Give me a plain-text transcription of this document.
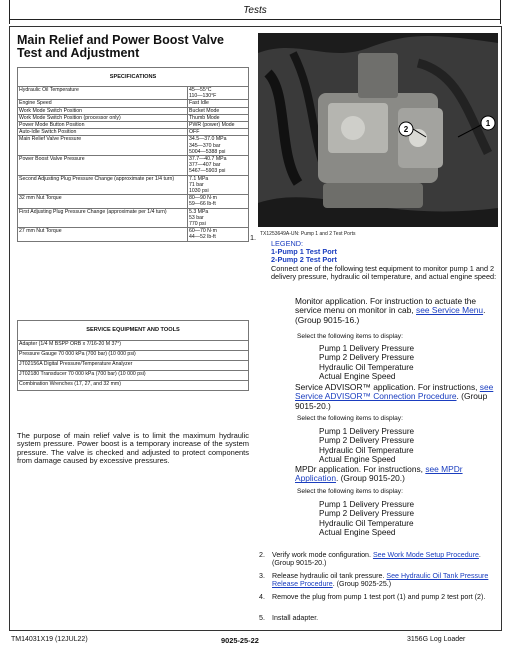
Tests
Main Relief and Power Boost Valve Test and Adjustment
SPECIFICATIONS	
Hydraulic Oil Temperature	45—55°C
110—130°F
Engine Speed	Fast Idle
Work Mode Switch Position	Bucket Mode
Work Mode Switch Position (processor only)	Thumb Mode
Power Mode Button Position	PWR (power) Mode
Auto-Idle Switch Position	OFF
Main Relief Valve Pressure	34.5—37.0 MPa
345—370 bar
5004—5388 psi
Power Boost Valve Pressure	37.7—40.7 MPa
377—407 bar
5467—5903 psi
Second Adjusting Plug Pressure Change (approximate per 1/4 turn)	7.1 MPa
71 bar
1030 psi
32 mm Nut Torque	80—90 N·m
59—66 lb-ft
First Adjusting Plug Pressure Change (approximate per 1/4 turn)	5.3 MPa
53 bar
770 psi
27 mm Nut Torque	60—70 N·m
44—52 lb-ft
SERVICE EQUIPMENT AND TOOLS
Adapter (1/4 M BSPP ORB x 7/16-20 M 37°)
Pressure Gauge 70 000 kPa (700 bar) (10 000 psi)
JT02156A Digital Pressure/Temperature Analyzer
JT02180 Transducer 70 000 kPa (700 bar) (10 000 psi)
Combination Wrenches (17, 27, and 32 mm)
The purpose of main relief valve is to limit the maximum hydraulic system pressure. Power boost is a temporary increase of the system pressure. The valve is checked and adjusted to protect components from damage caused by excessive pressures.
2
1
TX1253649A-UN: Pump 1 and 2 Test Ports
1.
LEGEND:
1-Pump 1 Test Port
2-Pump 2 Test Port
Connect one of the following test equipment to monitor pump 1 and 2 delivery pressure, hydraulic oil temperature, and actual engine speed:
Monitor application. For instruction to actuate the service menu on monitor in cab, see Service Menu. (Group 9015-16.)
Select the following items to display:
Pump 1 Delivery Pressure
Pump 2 Delivery Pressure
Hydraulic Oil Temperature
Actual Engine Speed
Service ADVISOR™ application. For instructions, see Service ADVISOR™ Connection Procedure. (Group 9015-20.)
Select the following items to display:
Pump 1 Delivery Pressure
Pump 2 Delivery Pressure
Hydraulic Oil Temperature
Actual Engine Speed
MPDr application. For instructions, see MPDr Application. (Group 9015-20.)
Select the following items to display:
Pump 1 Delivery Pressure
Pump 2 Delivery Pressure
Hydraulic Oil Temperature
Actual Engine Speed
2. Verify work mode configuration. See Work Mode Setup Procedure. (Group 9015-20.)
3. Release hydraulic oil tank pressure. See Hydraulic Oil Tank Pressure Release Procedure. (Group 9025-25.)
4. Remove the plug from pump 1 test port (1) and pump 2 test port (2).
5. Install adapter.
TM14031X19 (12JUL22)	9025-25-22	3156G Log Loader
